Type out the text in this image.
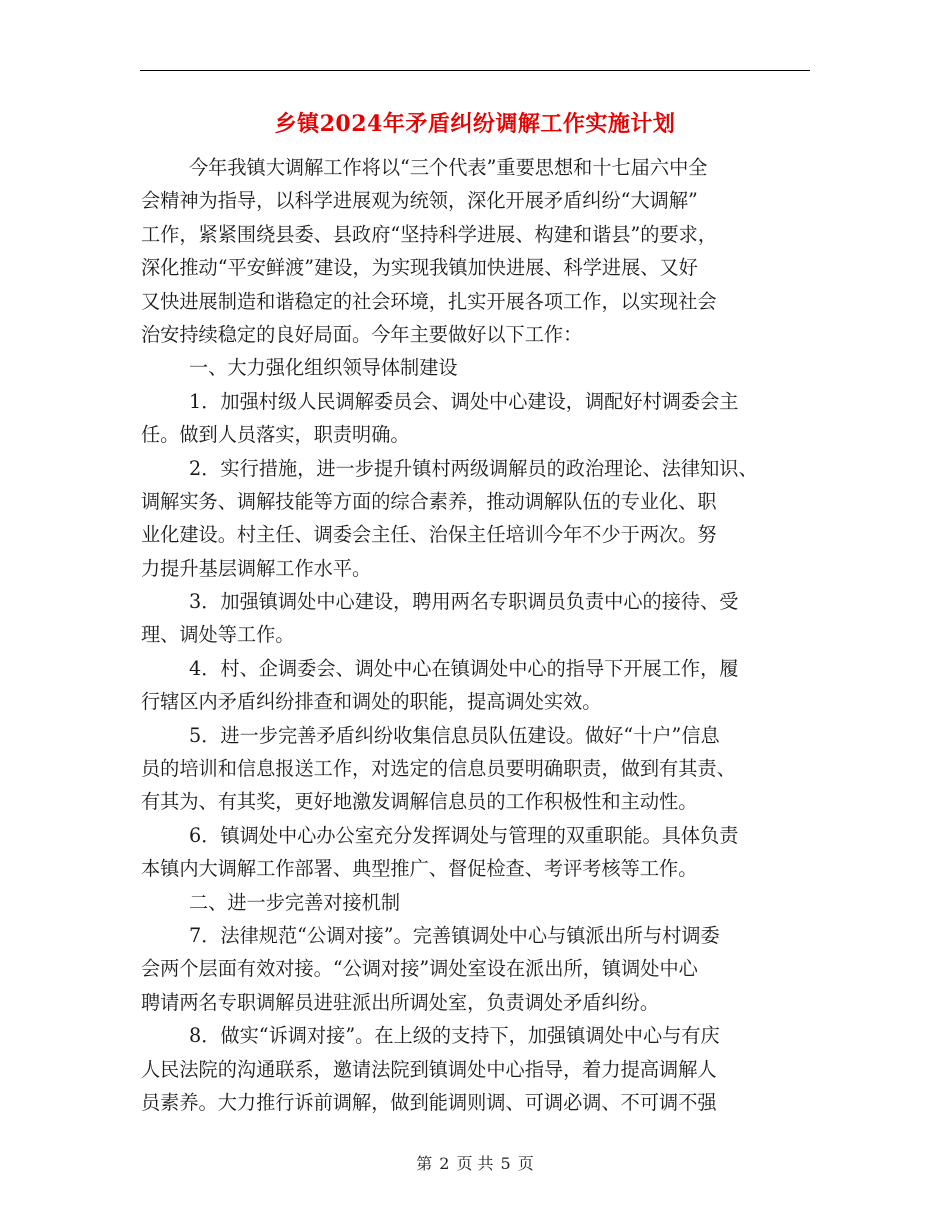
乡镇2024年矛盾纠纷调解工作实施计划
今年我镇大调解工作将以“三个代表”重要思想和十七届六中全
会精神为指导，以科学进展观为统领，深化开展矛盾纠纷“大调解”
工作，紧紧围绕县委、县政府“坚持科学进展、构建和谐县”的要求，
深化推动“平安鲜渡”建设，为实现我镇加快进展、科学进展、又好
又快进展制造和谐稳定的社会环境，扎实开展各项工作，以实现社会
治安持续稳定的良好局面。今年主要做好以下工作：
一、大力强化组织领导体制建设
1．加强村级人民调解委员会、调处中心建设，调配好村调委会主
任。做到人员落实，职责明确。
2．实行措施，进一步提升镇村两级调解员的政治理论、法律知识、
调解实务、调解技能等方面的综合素养，推动调解队伍的专业化、职
业化建设。村主任、调委会主任、治保主任培训今年不少于两次。努
力提升基层调解工作水平。
3．加强镇调处中心建设，聘用两名专职调员负责中心的接待、受
理、调处等工作。
4．村、企调委会、调处中心在镇调处中心的指导下开展工作，履
行辖区内矛盾纠纷排查和调处的职能，提高调处实效。
5．进一步完善矛盾纠纷收集信息员队伍建设。做好“十户”信息
员的培训和信息报送工作，对选定的信息员要明确职责，做到有其责、
有其为、有其奖，更好地激发调解信息员的工作积极性和主动性。
6．镇调处中心办公室充分发挥调处与管理的双重职能。具体负责
本镇内大调解工作部署、典型推广、督促检查、考评考核等工作。
二、进一步完善对接机制
7．法律规范“公调对接”。完善镇调处中心与镇派出所与村调委
会两个层面有效对接。“公调对接”调处室设在派出所，镇调处中心
聘请两名专职调解员进驻派出所调处室，负责调处矛盾纠纷。
8．做实“诉调对接”。在上级的支持下，加强镇调处中心与有庆
人民法院的沟通联系，邀请法院到镇调处中心指导，着力提高调解人
员素养。大力推行诉前调解，做到能调则调、可调必调、不可调不强
第 2 页 共 5 页
